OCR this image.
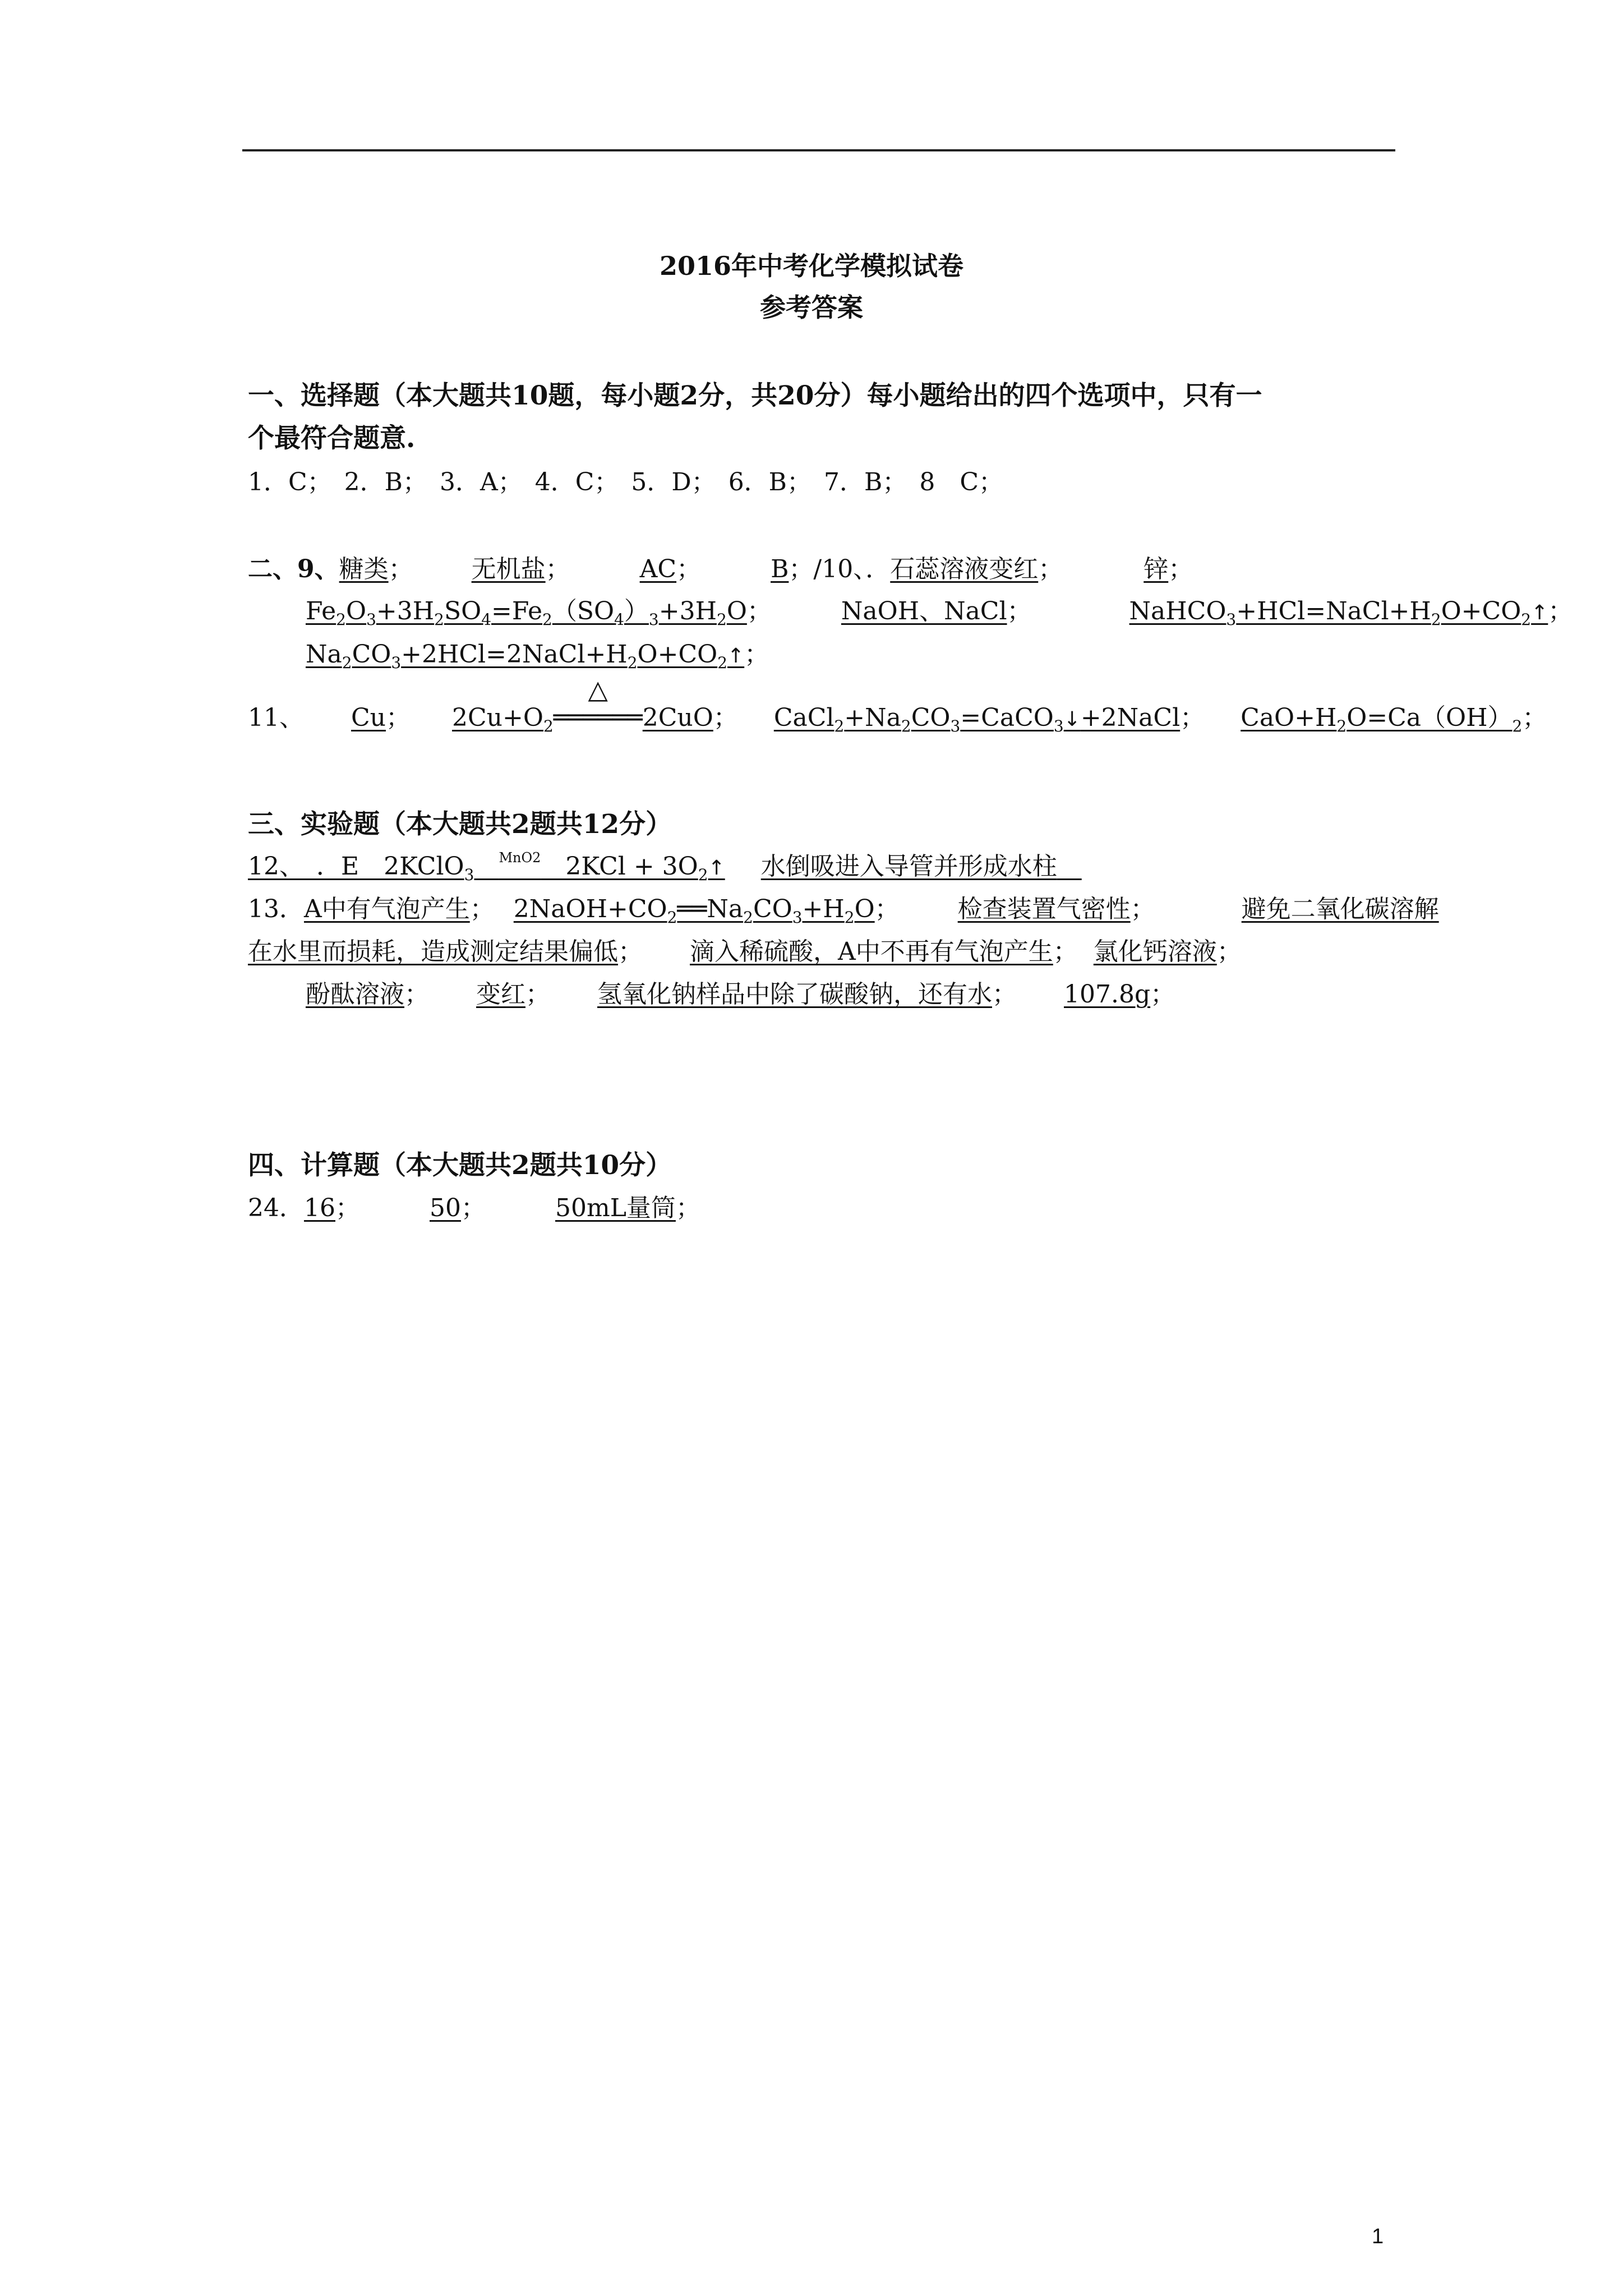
2016年中考化学模拟试卷
参考答案
一、选择题（本大题共10题，每小题2分，共20分）每小题给出的四个选项中，只有一
个最符合题意.
1．C；　2．B；　3．A；　4．C；　5．D；　6．B；　7．B；　8　C；
二、9、糖类； 无机盐；	AC；	B；/10、．石蕊溶液变红；	锌；
$Fe_2O_3+3H_2SO_4=Fe_2(SO_4)_3+3H_2O$；	NaOH、NaCl；	$NaHCO_3+HCl=NaCl+H_2O+CO_2↑$；
$Na_2CO_3+2HCl=2NaCl+H_2O+CO_2↑$；
11、 Cu； $2Cu+O_2$
△
══════2CuO； $CaCl_2+Na_2CO_3=CaCO_3↓+2NaCl$； $CaO+H_2O=Ca(OH)_2$；
三、实验题（本大题共2题共12分）
12、　．E　2KClO$_3$　$^{MnO2}$　$2KCl + 3O_2↑$ 水倒吸进入导管并形成水柱　
13．A中有气泡产生； $2NaOH+CO_2══Na_2CO_3+H_2O$； 检查装置气密性；	避免二氧化碳溶解
在水里而损耗，造成测定结果偏低； 滴入稀硫酸，A中不再有气泡产生； 氯化钙溶液；
酚酞溶液； 变红； 氢氧化钠样品中除了碳酸钠，还有水； 107.8g；
四、计算题（本大题共2题共10分）
24．16；	50；	50mL量筒；
1
